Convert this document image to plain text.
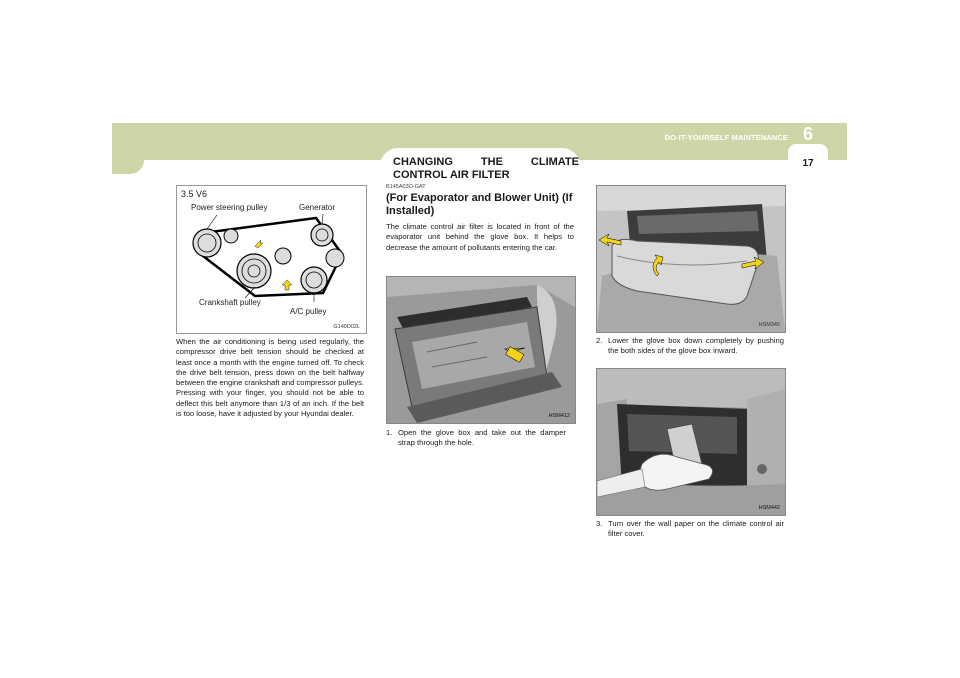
DO-IT-YOURSELF MAINTENANCE 6
17
CHANGING THE CLIMATE CONTROL AIR FILTER
B145A03O-GAT
(For Evaporator and Blower Unit) (If Installed)
The climate control air filter is located in front of the evaporator unit behind the glove box. It helps to decrease the amount of pollutants entering the car.
3.5 V6
Power steering pulley	Generator
Crankshaft pulley
A/C pulley
G140D02L
When the air conditioning is being used regularly, the compressor drive belt tension should be checked at least once a month with the engine turned off. To check the drive belt tension, press down on the belt halfway between the engine crankshaft and compressor pulleys. Pressing with your finger, you should not be able to deflect this belt anymore than 1/3 of an inch. If the belt is too loose, have it adjusted by your Hyundai dealer.	HSM412
1. Open the glove box and take out the damper strap through the hole.
HSM345
2. Lower the glove box down completely by pushing the both sides of the glove box inward.
HSM442
3. Turn over the wall paper on the climate control air filter cover.
